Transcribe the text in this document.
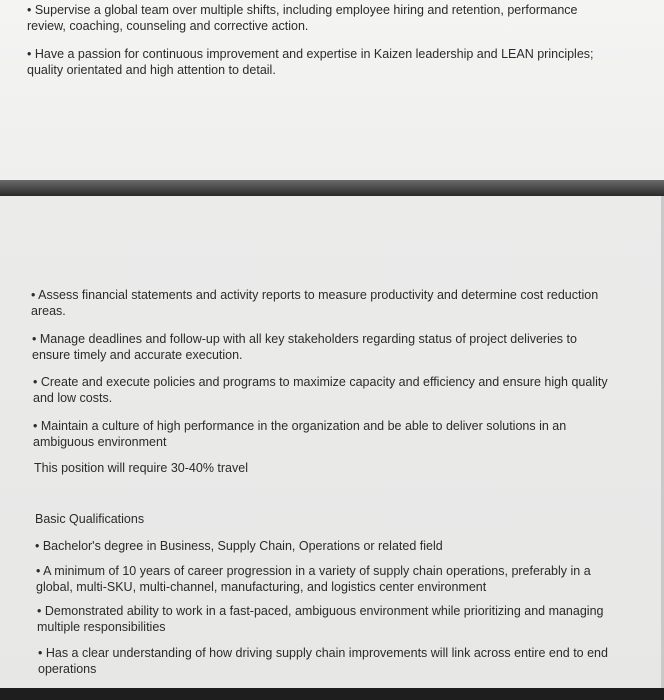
• Supervise a global team over multiple shifts, including employee hiring and retention, performance
review, coaching, counseling and corrective action.

• Have a passion for continuous improvement and expertise in Kaizen leadership and LEAN principles;
quality orientated and high attention to detail.

• Assess financial statements and activity reports to measure productivity and determine cost reduction
areas.

• Manage deadlines and follow-up with all key stakeholders regarding status of project deliveries to
ensure timely and accurate execution.

• Create and execute policies and programs to maximize capacity and efficiency and ensure high quality
and low costs.

• Maintain a culture of high performance in the organization and be able to deliver solutions in an
ambiguous environment

This position will require 30-40% travel

Basic Qualifications

• Bachelor's degree in Business, Supply Chain, Operations or related field

• A minimum of 10 years of career progression in a variety of supply chain operations, preferably in a
global, multi-SKU, multi-channel, manufacturing, and logistics center environment

• Demonstrated ability to work in a fast-paced, ambiguous environment while prioritizing and managing
multiple responsibilities

• Has a clear understanding of how driving supply chain improvements will link across entire end to end
operations
